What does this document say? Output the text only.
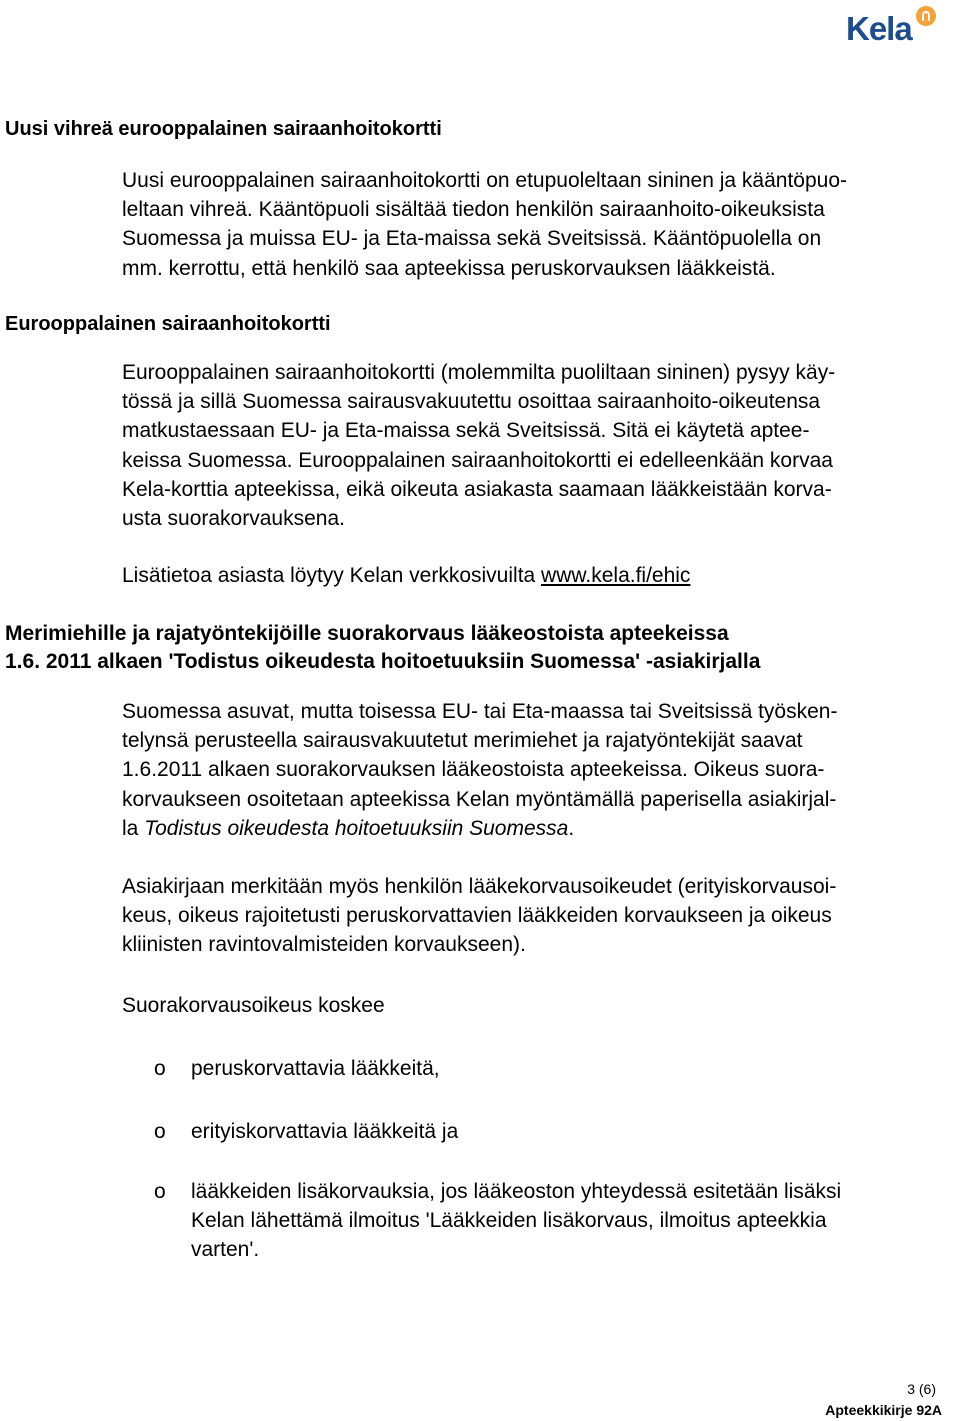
Kela
Uusi vihreä eurooppalainen sairaanhoitokortti
Uusi eurooppalainen sairaanhoitokortti on etupuoleltaan sininen ja kääntöpuo-
leltaan vihreä. Kääntöpuoli sisältää tiedon henkilön sairaanhoito-oikeuksista
Suomessa ja muissa EU- ja Eta-maissa sekä Sveitsissä. Kääntöpuolella on
mm. kerrottu, että henkilö saa apteekissa peruskorvauksen lääkkeistä.
Eurooppalainen sairaanhoitokortti
Eurooppalainen sairaanhoitokortti (molemmilta puoliltaan sininen) pysyy käy-
tössä ja sillä Suomessa sairausvakuutettu osoittaa sairaanhoito-oikeutensa
matkustaessaan EU- ja Eta-maissa sekä Sveitsissä. Sitä ei käytetä aptee-
keissa Suomessa. Eurooppalainen sairaanhoitokortti ei edelleenkään korvaa
Kela-korttia apteekissa, eikä oikeuta asiakasta saamaan lääkkeistään korva-
usta suorakorvauksena.
Lisätietoa asiasta löytyy Kelan verkkosivuilta www.kela.fi/ehic
Merimiehille ja rajatyöntekijöille suorakorvaus lääkeostoista apteekeissa
1.6. 2011 alkaen 'Todistus oikeudesta hoitoetuuksiin Suomessa' -asiakirjalla
Suomessa asuvat, mutta toisessa EU- tai Eta-maassa tai Sveitsissä työsken-
telynsä perusteella sairausvakuutetut merimiehet ja rajatyöntekijät saavat
1.6.2011 alkaen suorakorvauksen lääkeostoista apteekeissa. Oikeus suora-
korvaukseen osoitetaan apteekissa Kelan myöntämällä paperisella asiakirjal-
la Todistus oikeudesta hoitoetuuksiin Suomessa.
Asiakirjaan merkitään myös henkilön lääkekorvausoikeudet (erityiskorvausoi-
keus, oikeus rajoitetusti peruskorvattavien lääkkeiden korvaukseen ja oikeus
kliinisten ravintovalmisteiden korvaukseen).
Suorakorvausoikeus koskee
o peruskorvattavia lääkkeitä,
o erityiskorvattavia lääkkeitä ja
o lääkkeiden lisäkorvauksia, jos lääkeoston yhteydessä esitetään lisäksi
Kelan lähettämä ilmoitus 'Lääkkeiden lisäkorvaus, ilmoitus apteekkia
varten'.
3 (6)
Apteekkikirje 92A
